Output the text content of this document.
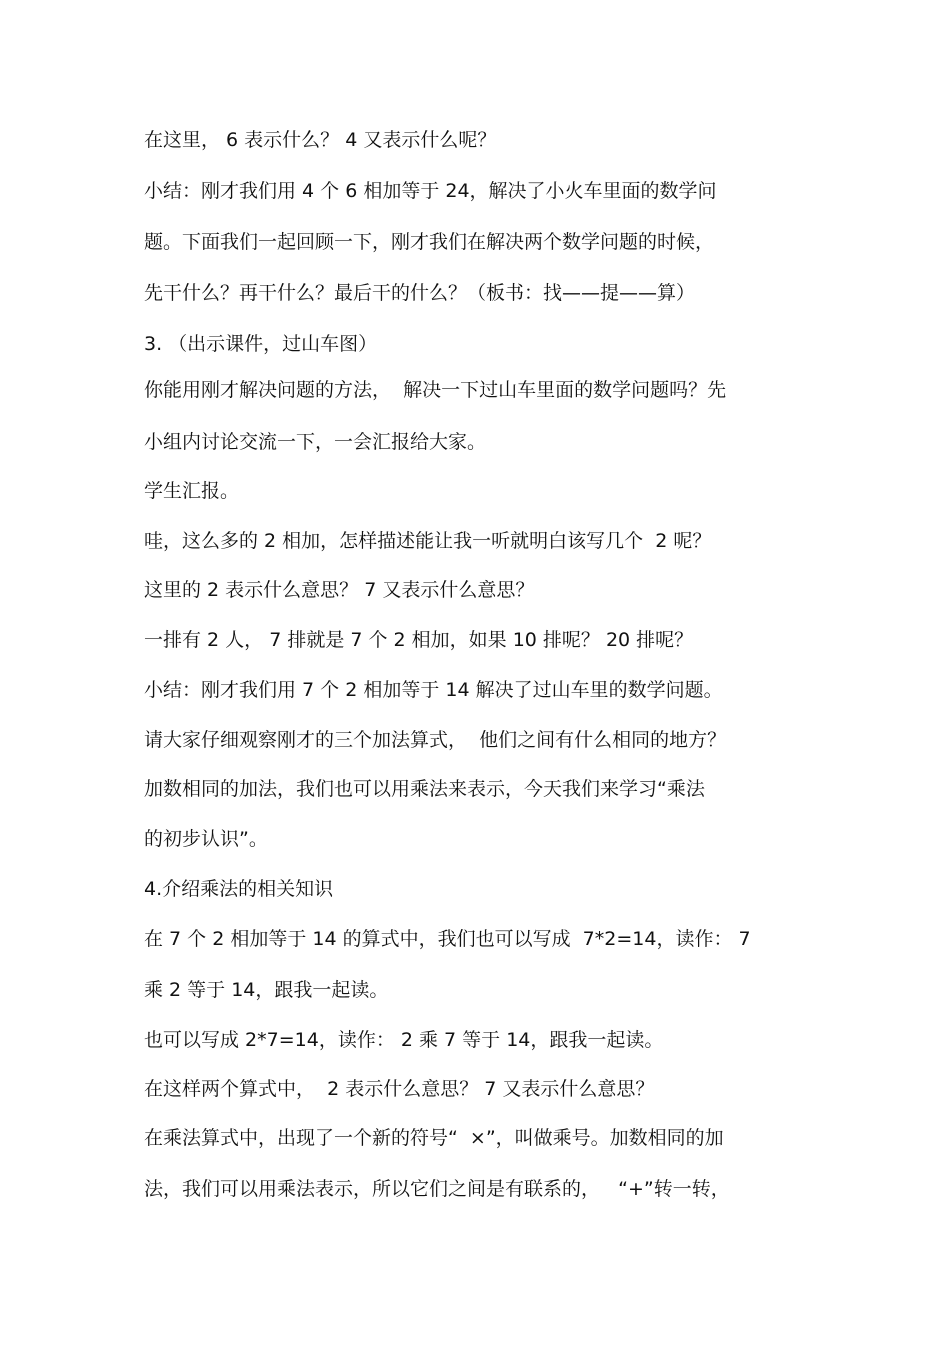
在这里， 6 表示什么？ 4 又表示什么呢？

小结：刚才我们用 4 个 6 相加等于 24，解决了小火车里面的数学问

题。下面我们一起回顾一下，刚才我们在解决两个数学问题的时候，

先干什么？再干什么？最后干的什么？（板书：找——提——算）

3. （出示课件，过山车图）

你能用刚才解决问题的方法，  解决一下过山车里面的数学问题吗？先

小组内讨论交流一下，一会汇报给大家。

学生汇报。

哇，这么多的 2 相加，怎样描述能让我一听就明白该写几个  2 呢？

这里的 2 表示什么意思？ 7 又表示什么意思？

一排有 2 人， 7 排就是 7 个 2 相加，如果 10 排呢？ 20 排呢？

小结：刚才我们用 7 个 2 相加等于 14 解决了过山车里的数学问题。

请大家仔细观察刚才的三个加法算式，  他们之间有什么相同的地方？

加数相同的加法，我们也可以用乘法来表示，今天我们来学习“乘法

的初步认识”。

4.介绍乘法的相关知识

在 7 个 2 相加等于 14 的算式中，我们也可以写成  7*2=14，读作： 7

乘 2 等于 14，跟我一起读。

也可以写成 2*7=14，读作： 2 乘 7 等于 14，跟我一起读。

在这样两个算式中，  2 表示什么意思？ 7 又表示什么意思？

在乘法算式中，出现了一个新的符号“  ×”，叫做乘号。加数相同的加

法，我们可以用乘法表示，所以它们之间是有联系的，   “+”转一转，
